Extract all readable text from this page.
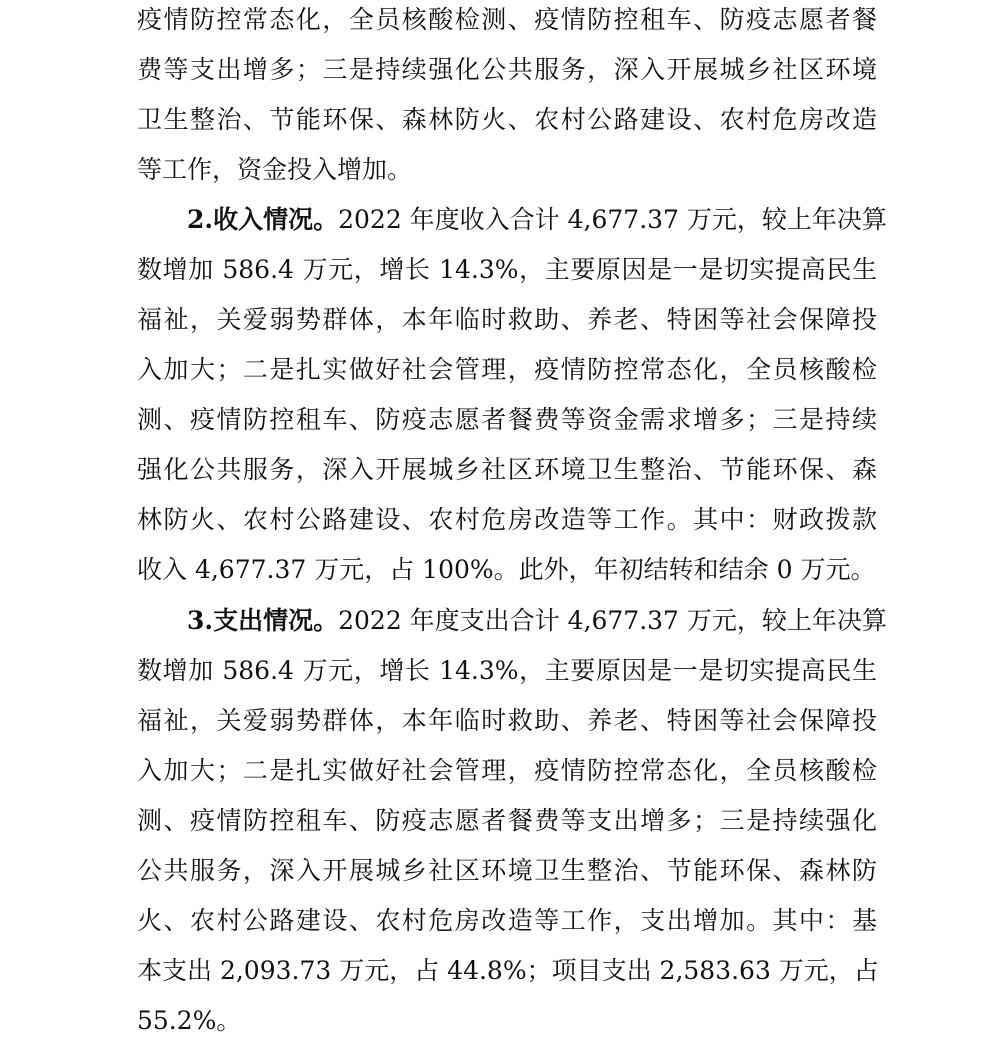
疫情防控常态化，全员核酸检测、疫情防控租车、防疫志愿者餐
费等支出增多；三是持续强化公共服务，深入开展城乡社区环境
卫生整治、节能环保、森林防火、农村公路建设、农村危房改造
等工作，资金投入增加。
2.收入情况。2022 年度收入合计 4,677.37 万元，较上年决算
数增加 586.4 万元，增长 14.3%，主要原因是一是切实提高民生
福祉，关爱弱势群体，本年临时救助、养老、特困等社会保障投
入加大；二是扎实做好社会管理，疫情防控常态化，全员核酸检
测、疫情防控租车、防疫志愿者餐费等资金需求增多；三是持续
强化公共服务，深入开展城乡社区环境卫生整治、节能环保、森
林防火、农村公路建设、农村危房改造等工作。其中：财政拨款
收入 4,677.37 万元，占 100%。此外，年初结转和结余 0 万元。
3.支出情况。2022 年度支出合计 4,677.37 万元，较上年决算
数增加 586.4 万元，增长 14.3%，主要原因是一是切实提高民生
福祉，关爱弱势群体，本年临时救助、养老、特困等社会保障投
入加大；二是扎实做好社会管理，疫情防控常态化，全员核酸检
测、疫情防控租车、防疫志愿者餐费等支出增多；三是持续强化
公共服务，深入开展城乡社区环境卫生整治、节能环保、森林防
火、农村公路建设、农村危房改造等工作，支出增加。其中：基
本支出 2,093.73 万元，占 44.8%；项目支出 2,583.63 万元，占
55.2%。
